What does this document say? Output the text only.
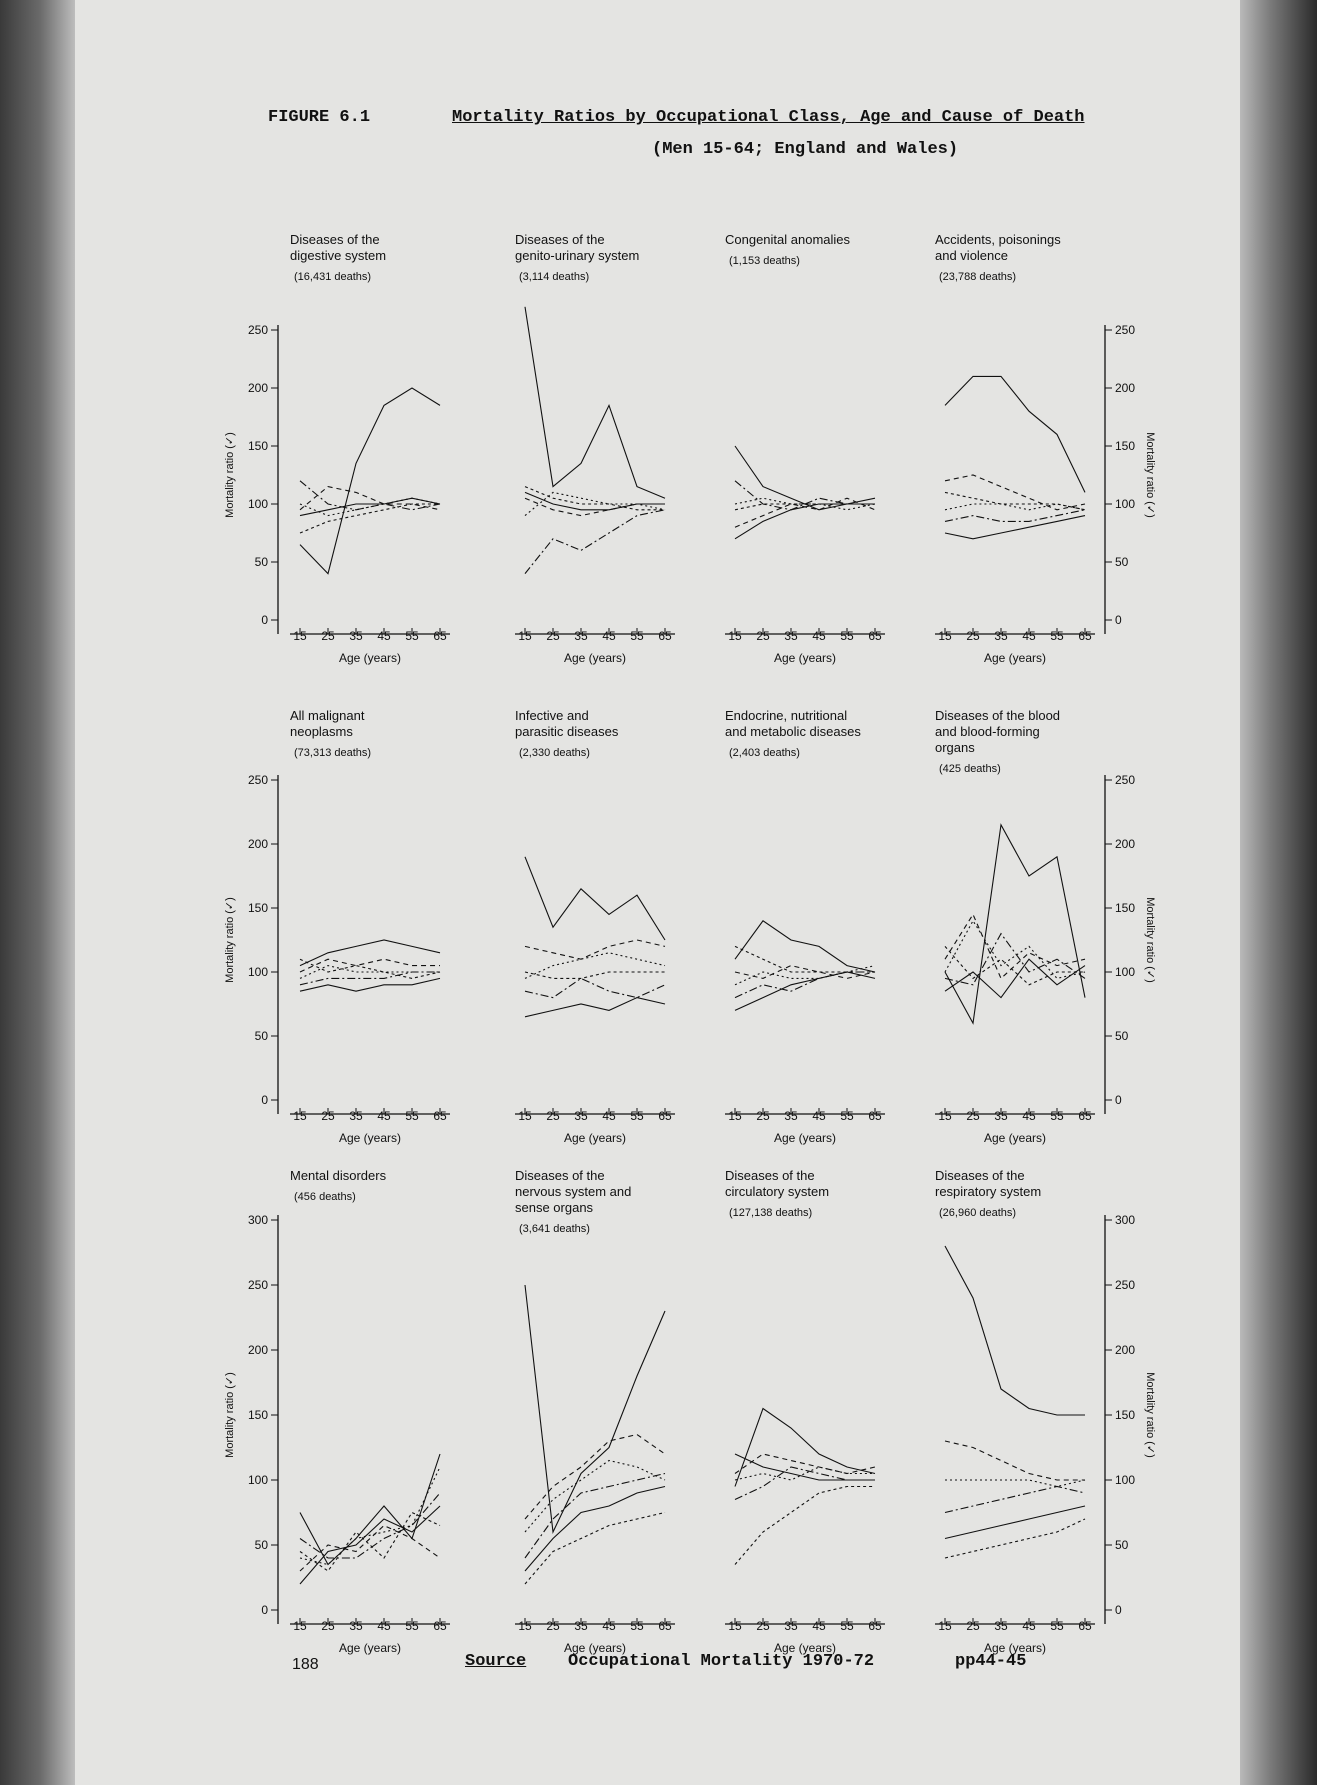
FIGURE 6.1	Mortality Ratios by Occupational Class, Age and Cause of Death
(Men 15-64; England and Wales)
15 25 35 45 55 65
Age (years)
0
50
100
150
200
250
Mortality ratio (✓)
Diseases of the
digestive system
(16,431 deaths)
15 25 35 45 55 65
Age (years)
Diseases of the
genito-urinary system
(3,114 deaths)
15 25 35 45 55 65
Age (years)
Congenital anomalies
(1,153 deaths)
15 25 35 45 55 65
Age (years)
0
50
100
150
200
250
Mortality ratio (✓)
Accidents, poisonings
and violence
(23,788 deaths)
15 25 35 45 55 65
Age (years)
0
50
100
150
200
250
Mortality ratio (✓)
All malignant
neoplasms
(73,313 deaths)
15 25 35 45 55 65
Age (years)
Infective and
parasitic diseases
(2,330 deaths)
15 25 35 45 55 65
Age (years)
Endocrine, nutritional
and metabolic diseases
(2,403 deaths)
15 25 35 45 55 65
Age (years)
0
50
100
150
200
250
Mortality ratio (✓)
Diseases of the blood
and blood-forming
organs
(425 deaths)
15 25 35 45 55 65
Age (years)
0
50
100
150
200
250
300
Mortality ratio (✓)
Mental disorders
(456 deaths)
15 25 35 45 55 65
Age (years)
Diseases of the
nervous system and
sense organs
(3,641 deaths)
15 25 35 45 55 65
Age (years)
Diseases of the
circulatory system
(127,138 deaths)
15 25 35 45 55 65
Age (years)
0
50
100
150
200
250
300
Mortality ratio (✓)
Diseases of the
respiratory system
(26,960 deaths)
188	Source Occupational Mortality 1970-72	pp44-45
